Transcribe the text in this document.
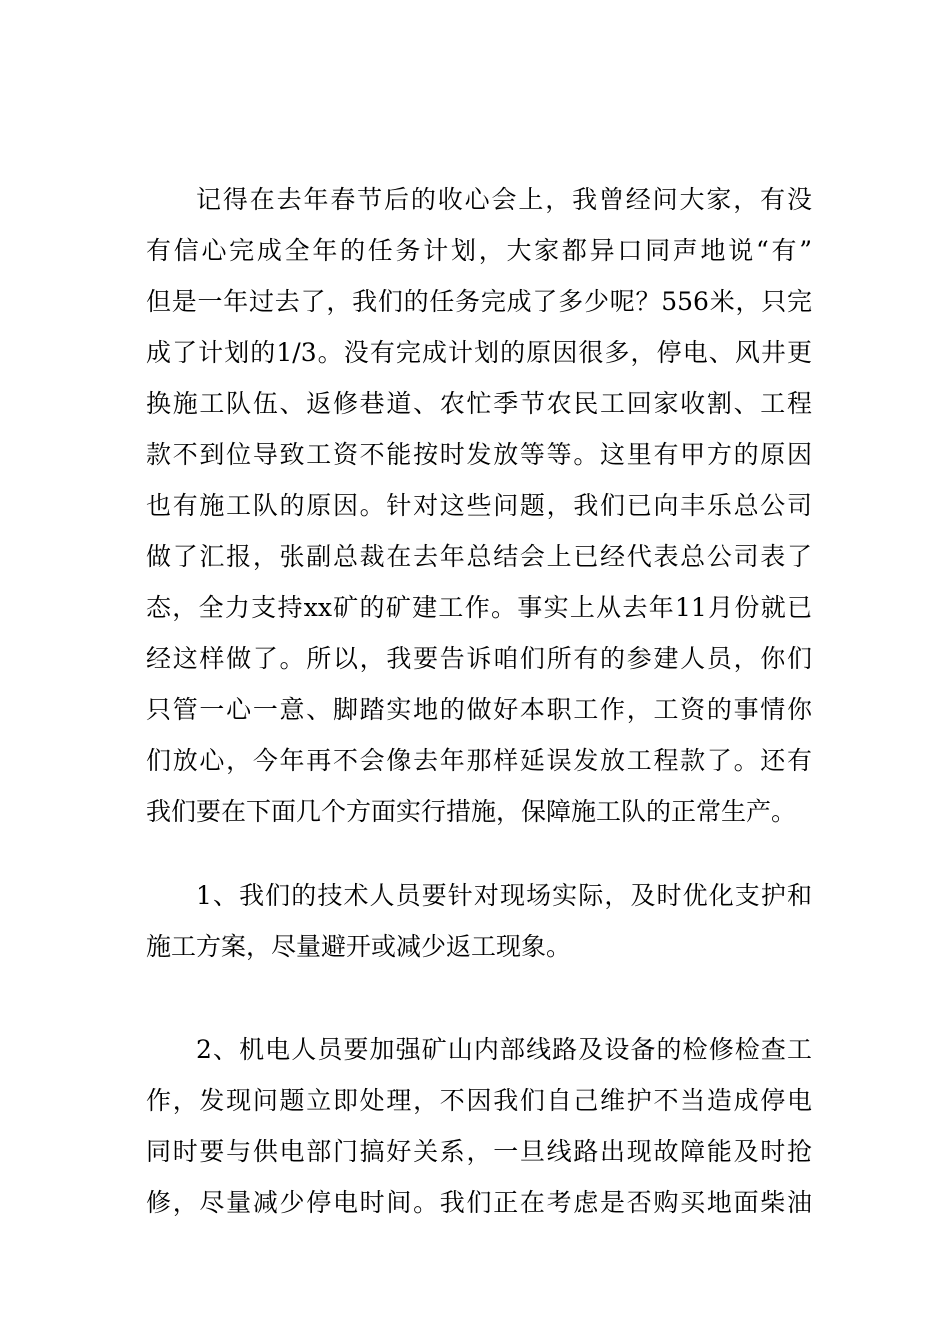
记得在去年春节后的收心会上，我曾经问大家，有没
有信心完成全年的任务计划，大家都异口同声地说“有”
但是一年过去了，我们的任务完成了多少呢？556米，只完
成了计划的1/3。没有完成计划的原因很多，停电、风井更
换施工队伍、返修巷道、农忙季节农民工回家收割、工程
款不到位导致工资不能按时发放等等。这里有甲方的原因
也有施工队的原因。针对这些问题，我们已向丰乐总公司
做了汇报，张副总裁在去年总结会上已经代表总公司表了
态，全力支持xx矿的矿建工作。事实上从去年11月份就已
经这样做了。所以，我要告诉咱们所有的参建人员，你们
只管一心一意、脚踏实地的做好本职工作，工资的事情你
们放心，今年再不会像去年那样延误发放工程款了。还有
我们要在下面几个方面实行措施，保障施工队的正常生产。
1、我们的技术人员要针对现场实际，及时优化支护和
施工方案，尽量避开或减少返工现象。
2、机电人员要加强矿山内部线路及设备的检修检查工
作，发现问题立即处理，不因我们自己维护不当造成停电
同时要与供电部门搞好关系，一旦线路出现故障能及时抢
修，尽量减少停电时间。我们正在考虑是否购买地面柴油
